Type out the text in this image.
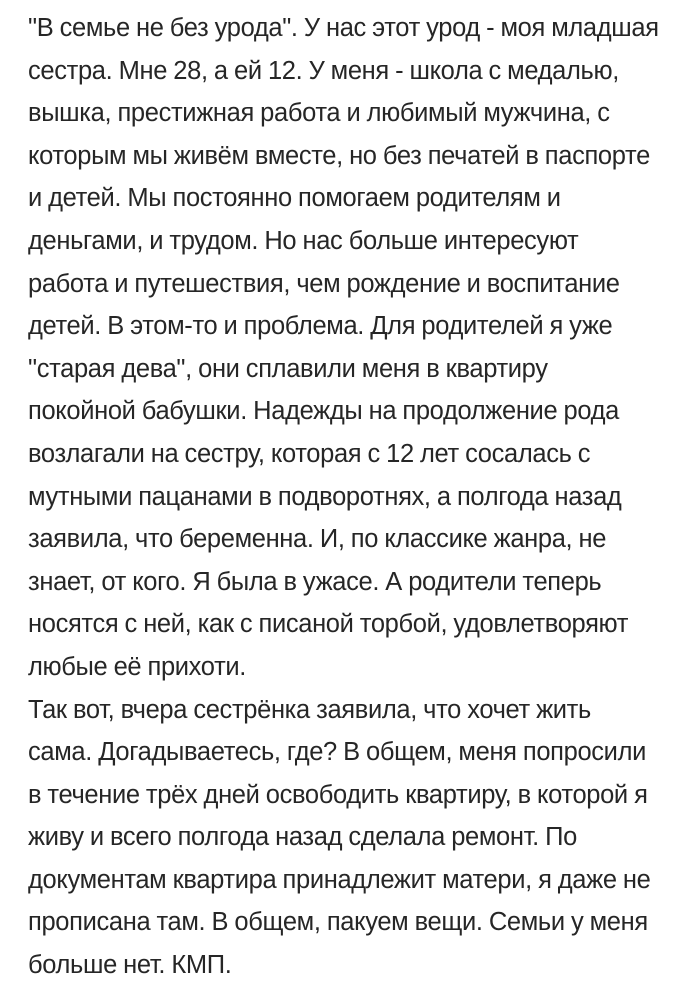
"В семье не без урода". У нас этот урод - моя младшая
сестра. Мне 28, а ей 12. У меня - школа с медалью,
вышка, престижная работа и любимый мужчина, с
которым мы живём вместе, но без печатей в паспорте
и детей. Мы постоянно помогаем родителям и
деньгами, и трудом. Но нас больше интересуют
работа и путешествия, чем рождение и воспитание
детей. В этом-то и проблема. Для родителей я уже
"старая дева", они сплавили меня в квартиру
покойной бабушки. Надежды на продолжение рода
возлагали на сестру, которая с 12 лет сосалась с
мутными пацанами в подворотнях, а полгода назад
заявила, что беременна. И, по классике жанра, не
знает, от кого. Я была в ужасе. А родители теперь
носятся с ней, как с писаной торбой, удовлетворяют
любые её прихоти.
Так вот, вчера сестрёнка заявила, что хочет жить
сама. Догадываетесь, где? В общем, меня попросили
в течение трёх дней освободить квартиру, в которой я
живу и всего полгода назад сделала ремонт. По
документам квартира принадлежит матери, я даже не
прописана там. В общем, пакуем вещи. Семьи у меня
больше нет. КМП.
